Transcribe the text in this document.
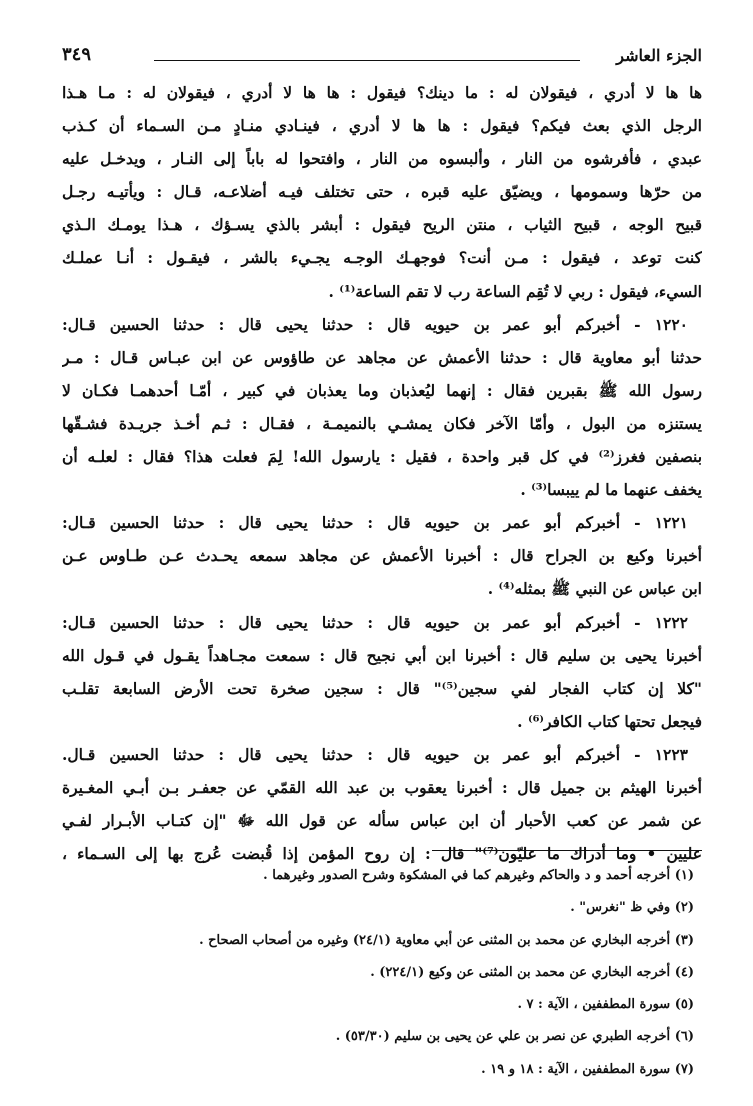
الجزء العاشر
٣٤٩
ها ها لا أدري ، فيقولان له : ما دينك؟ فيقول : ها ها لا أدري ، فيقولان له : مـا هـذا
الرجل الذي بعث فيكم؟ فيقول : ها ها لا أدري ، فينـادي منـادٍ مـن السـماء أن كـذب
عبدي ، فأفرشوه من النار ، وألبسوه من النار ، وافتحوا له باباً إلى النـار ، ويدخـل عليه
من حرّها وسمومها ، ويضيّق عليه قبره ، حتى تختلف فيـه أضلاعـه، قـال : ويأتيـه رجـل
قبيح الوجه ، قبيح الثياب ، منتن الريح فيقول : أبشر بالذي يسـؤك ، هـذا يومـك الـذي
كنت توعد ، فيقول : مـن أنت؟ فوجهـك الوجـه يجـيء بالشر ، فيقـول : أنـا عملـك
السيء، فيقول : ربي لا تُقِم الساعة رب لا تقم الساعة⁽¹⁾ .
١٢٢٠ - أخبركم أبو عمر بن حيويه قال : حدثنا يحيى قال : حدثنا الحسين قـال:
حدثنا أبو معاوية قال : حدثنا الأعمش عن مجاهد عن طاؤوس عن ابن عبـاس قـال : مـر
رسول الله ﷺ بقبرين فقال : إنهما ليُعذبان وما يعذبان في كبير ، أمّـا أحدهمـا فكـان لا
يستنزه من البول ، وأمّا الآخر فكان يمشـي بالنميمـة ، فقـال : ثـم أخـذ جريـدة فشـقّها
بنصفين فغرز⁽²⁾ في كل قبر واحدة ، فقيل : يارسول الله! لِمَ فعلت هذا؟ فقال : لعلـه أن
يخفف عنهما ما لم ييبسا⁽³⁾ .
١٢٢١ - أخبركم أبو عمر بن حيويه قال : حدثنا يحيى قال : حدثنا الحسين قـال:
أخبرنا وكيع بن الجراح قال : أخبرنا الأعمش عن مجاهد سمعه يحـدث عـن طـاوس عـن
ابن عباس عن النبي ﷺ بمثله⁽⁴⁾ .
١٢٢٢ - أخبركم أبو عمر بن حيويه قال : حدثنا يحيى قال : حدثنا الحسين قـال:
أخبرنا يحيى بن سليم قال : أخبرنا ابن أبي نجيح قال : سمعت مجـاهداً يقـول في قـول الله
"كلا إن كتاب الفجار لفي سجين⁽⁵⁾" قال : سجين صخرة تحت الأرض السابعة تقلـب
فيجعل تحتها كتاب الكافر⁽⁶⁾ .
١٢٢٣ - أخبركم أبو عمر بن حيويه قال : حدثنا يحيى قال : حدثنا الحسين قـال.
أخبرنا الهيثم بن جميل قال : أخبرنا يعقوب بن عبد الله القمّي عن جعفـر بـن أبـي المغـيرة
عن شمر عن كعب الأحبار أن ابن عباس سأله عن قول الله ﷻ "إن كتـاب الأبـرار لفـي
عليين • وما أدراك ما عليّون⁽⁷⁾" قال : إن روح المؤمن إذا قُبضت عُرج بها إلى السـماء ،
(١) أخرجه أحمد و د والحاكم وغيرهم كما في المشكوة وشرح الصدور وغيرهما .
(٢) وفي ظ "نغرس" .
(٣) أخرجه البخاري عن محمد بن المثنى عن أبي معاوية (٢٤/١) وغيره من أصحاب الصحاح .
(٤) أخرجه البخاري عن محمد بن المثنى عن وكيع (٢٢٤/١) .
(٥) سورة المطففين ، الآية : ٧ .
(٦) أخرجه الطبري عن نصر بن علي عن يحيى بن سليم (٥٣/٣٠) .
(٧) سورة المطففين ، الآية : ١٨ و ١٩ .
